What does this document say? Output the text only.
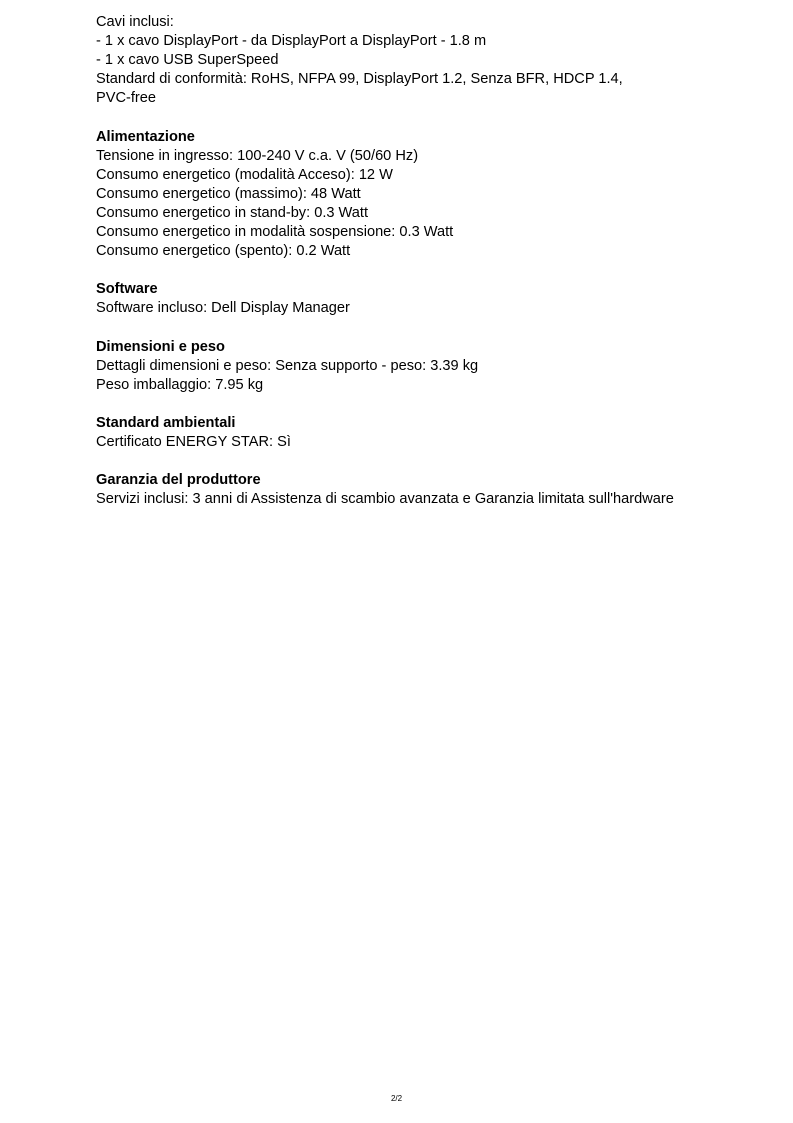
Cavi inclusi:
- 1 x cavo DisplayPort - da DisplayPort a DisplayPort - 1.8 m
- 1 x cavo USB SuperSpeed
Standard di conformità: RoHS, NFPA 99, DisplayPort 1.2, Senza BFR, HDCP 1.4,
PVC-free
Alimentazione
Tensione in ingresso: 100-240 V c.a. V (50/60 Hz)
Consumo energetico (modalità Acceso): 12 W
Consumo energetico (massimo): 48 Watt
Consumo energetico in stand-by: 0.3 Watt
Consumo energetico in modalità sospensione: 0.3 Watt
Consumo energetico (spento): 0.2 Watt
Software
Software incluso: Dell Display Manager
Dimensioni e peso
Dettagli dimensioni e peso: Senza supporto - peso: 3.39 kg
Peso imballaggio: 7.95 kg
Standard ambientali
Certificato ENERGY STAR: Sì
Garanzia del produttore
Servizi inclusi: 3 anni di Assistenza di scambio avanzata e Garanzia limitata sull'hardware
2/2
